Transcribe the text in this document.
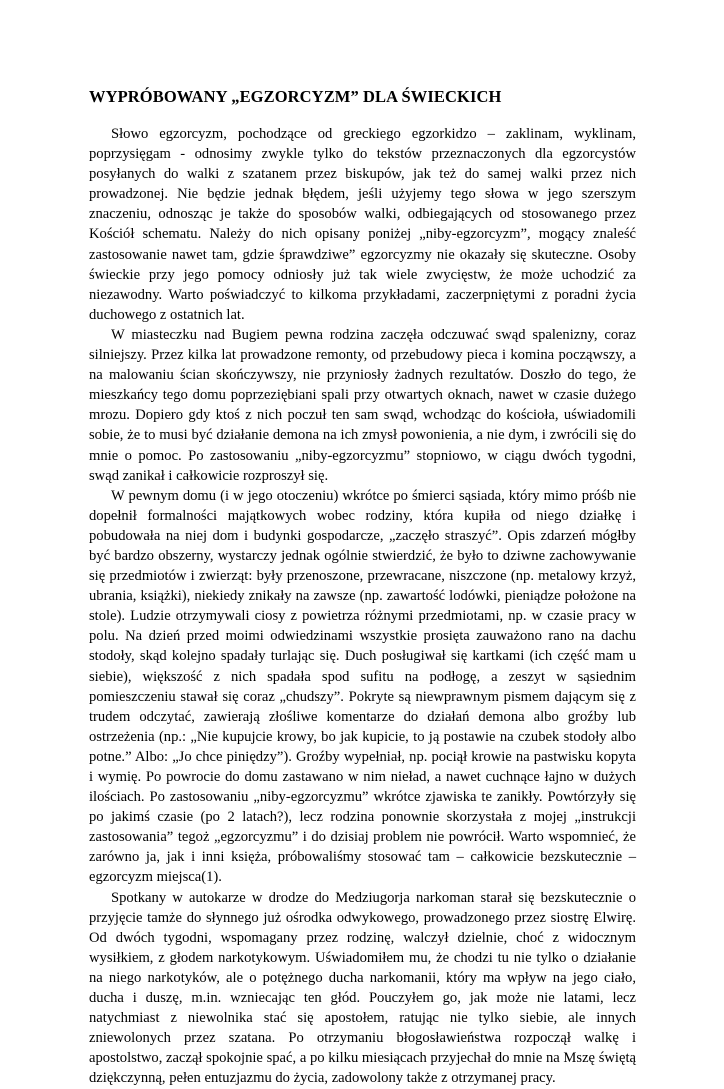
WYPRÓBOWANY „EGZORCYZM” DLA ŚWIECKICH

Słowo egzorcyzm, pochodzące od greckiego egzorkidzo – zaklinam, wyklinam, poprzysięgam - odnosimy zwykle tylko do tekstów przeznaczonych dla egzorcystów posyłanych do walki z szatanem przez biskupów, jak też do samej walki przez nich prowadzonej. Nie będzie jednak błędem, jeśli użyjemy tego słowa w jego szerszym znaczeniu, odnosząc je także do sposobów walki, odbiegających od stosowanego przez Kościół schematu. Należy do nich opisany poniżej „niby-egzorcyzm”, mogący znaleść zastosowanie nawet tam, gdzie śprawdziwe” egzorcyzmy nie okazały się skuteczne. Osoby świeckie przy jego pomocy odniosły już tak wiele zwycięstw, że może uchodzić za niezawodny. Warto poświadczyć to kilkoma przykładami, zaczerpniętymi z poradni życia duchowego z ostatnich lat.

W miasteczku nad Bugiem pewna rodzina zaczęła odczuwać swąd spalenizny, coraz silniejszy. Przez kilka lat prowadzone remonty, od przebudowy pieca i komina począwszy, a na malowaniu ścian skończywszy, nie przyniosły żadnych rezultatów. Doszło do tego, że mieszkańcy tego domu poprzeziębiani spali przy otwartych oknach, nawet w czasie dużego mrozu. Dopiero gdy ktoś z nich poczuł ten sam swąd, wchodząc do kościoła, uświadomili sobie, że to musi być działanie demona na ich zmysł powonienia, a nie dym, i zwrócili się do mnie o pomoc. Po zastosowaniu „niby-egzorcyzmu” stopniowo, w ciągu dwóch tygodni, swąd zanikał i całkowicie rozproszył się.

W pewnym domu (i w jego otoczeniu) wkrótce po śmierci sąsiada, który mimo próśb nie dopełnił formalności majątkowych wobec rodziny, która kupiła od niego działkę i pobudowała na niej dom i budynki gospodarcze, „zaczęło straszyć”. Opis zdarzeń mógłby być bardzo obszerny, wystarczy jednak ogólnie stwierdzić, że było to dziwne zachowywanie się przedmiotów i zwierząt: były przenoszone, przewracane, niszczone (np. metalowy krzyż, ubrania, książki), niekiedy znikały na zawsze (np. zawartość lodówki, pieniądze położone na stole). Ludzie otrzymywali ciosy z powietrza różnymi przedmiotami, np. w czasie pracy w polu. Na dzień przed moimi odwiedzinami wszystkie prosięta zauważono rano na dachu stodoły, skąd kolejno spadały turlając się. Duch posługiwał się kartkami (ich część mam u siebie), większość z nich spadała spod sufitu na podłogę, a zeszyt w sąsiednim pomieszczeniu stawał się coraz „chudszy”. Pokryte są niewprawnym pismem dającym się z trudem odczytać, zawierają złośliwe komentarze do działań demona albo groźby lub ostrzeżenia (np.: „Nie kupujcie krowy, bo jak kupicie, to ją postawie na czubek stodoły albo potne.” Albo: „Jo chce piniędzy”). Groźby wypełniał, np. pociął krowie na pastwisku kopyta i wymię. Po powrocie do domu zastawano w nim nieład, a nawet cuchnące łajno w dużych ilościach. Po zastosowaniu „niby-egzorcyzmu” wkrótce zjawiska te zanikły. Powtórzyły się po jakimś czasie (po 2 latach?), lecz rodzina ponownie skorzystała z mojej „instrukcji zastosowania” tegoż „egzorcyzmu” i do dzisiaj problem nie powrócił. Warto wspomnieć, że zarówno ja, jak i inni księża, próbowaliśmy stosować tam – całkowicie bezskutecznie – egzorcyzm miejsca(1).

Spotkany w autokarze w drodze do Medziugorja narkoman starał się bezskutecznie o przyjęcie tamże do słynnego już ośrodka odwykowego, prowadzonego przez siostrę Elwirę. Od dwóch tygodni, wspomagany przez rodzinę, walczył dzielnie, choć z widocznym wysiłkiem, z głodem narkotykowym. Uświadomiłem mu, że chodzi tu nie tylko o działanie na niego narkotyków, ale o potężnego ducha narkomanii, który ma wpływ na jego ciało, ducha i duszę, m.in. wzniecając ten głód. Pouczyłem go, jak może nie latami, lecz natychmiast z niewolnika stać się apostołem, ratując nie tylko siebie, ale innych zniewolonych przez szatana. Po otrzymaniu błogosławieństwa rozpoczął walkę i apostolstwo, zaczął spokojnie spać, a po kilku miesiącach przyjechał do mnie na Mszę świętą dziękczynną, pełen entuzjazmu do życia, zadowolony także z otrzymanej pracy.
